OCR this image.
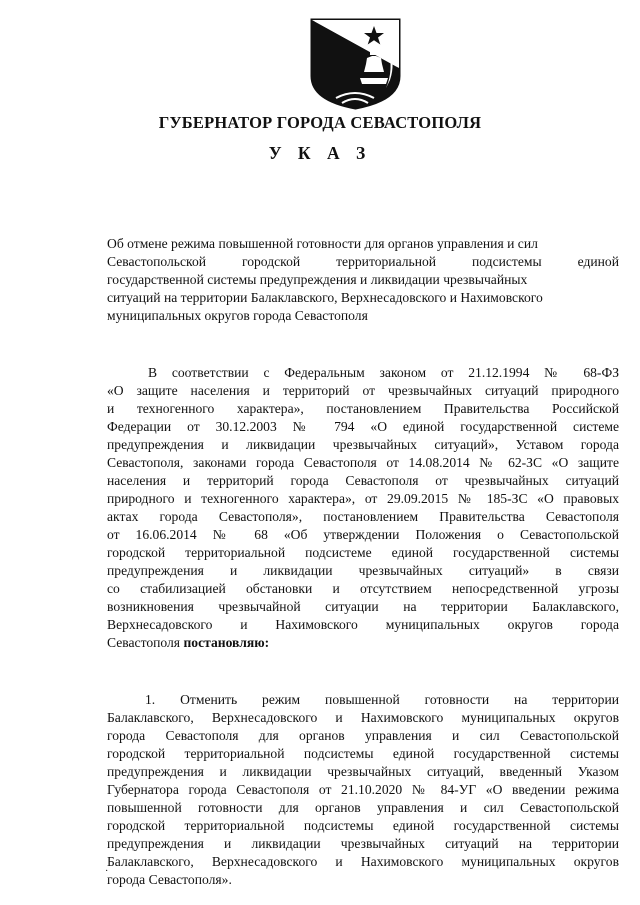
ГУБЕРНАТОР ГОРОДА СЕВАСТОПОЛЯ
У К А З
Об отмене режима повышенной готовности для органов управления и сил
Севастопольской городской территориальной подсистемы единой
государственной системы предупреждения и ликвидации чрезвычайных
ситуаций на территории Балаклавского, Верхнесадовского и Нахимовского
муниципальных округов города Севастополя
В соответствии с Федеральным законом от 21.12.1994 № 68-ФЗ
«О защите населения и территорий от чрезвычайных ситуаций природного
и техногенного характера», постановлением Правительства Российской
Федерации от 30.12.2003 № 794 «О единой государственной системе
предупреждения и ликвидации чрезвычайных ситуаций», Уставом города
Севастополя, законами города Севастополя от 14.08.2014 № 62-ЗС «О защите
населения и территорий города Севастополя от чрезвычайных ситуаций
природного и техногенного характера», от 29.09.2015 № 185-ЗС «О правовых
актах города Севастополя», постановлением Правительства Севастополя
от 16.06.2014 № 68 «Об утверждении Положения о Севастопольской
городской территориальной подсистеме единой государственной системы
предупреждения и ликвидации чрезвычайных ситуаций» в связи
со стабилизацией обстановки и отсутствием непосредственной угрозы
возникновения чрезвычайной ситуации на территории Балаклавского,
Верхнесадовского и Нахимовского муниципальных округов города
Севастополя постановляю:
1. Отменить режим повышенной готовности на территории
Балаклавского, Верхнесадовского и Нахимовского муниципальных округов
города Севастополя для органов управления и сил Севастопольской
городской территориальной подсистемы единой государственной системы
предупреждения и ликвидации чрезвычайных ситуаций, введенный Указом
Губернатора города Севастополя от 21.10.2020 № 84-УГ «О введении режима
повышенной готовности для органов управления и сил Севастопольской
городской территориальной подсистемы единой государственной системы
предупреждения и ликвидации чрезвычайных ситуаций на территории
Балаклавского, Верхнесадовского и Нахимовского муниципальных округов
города Севастополя».
·
